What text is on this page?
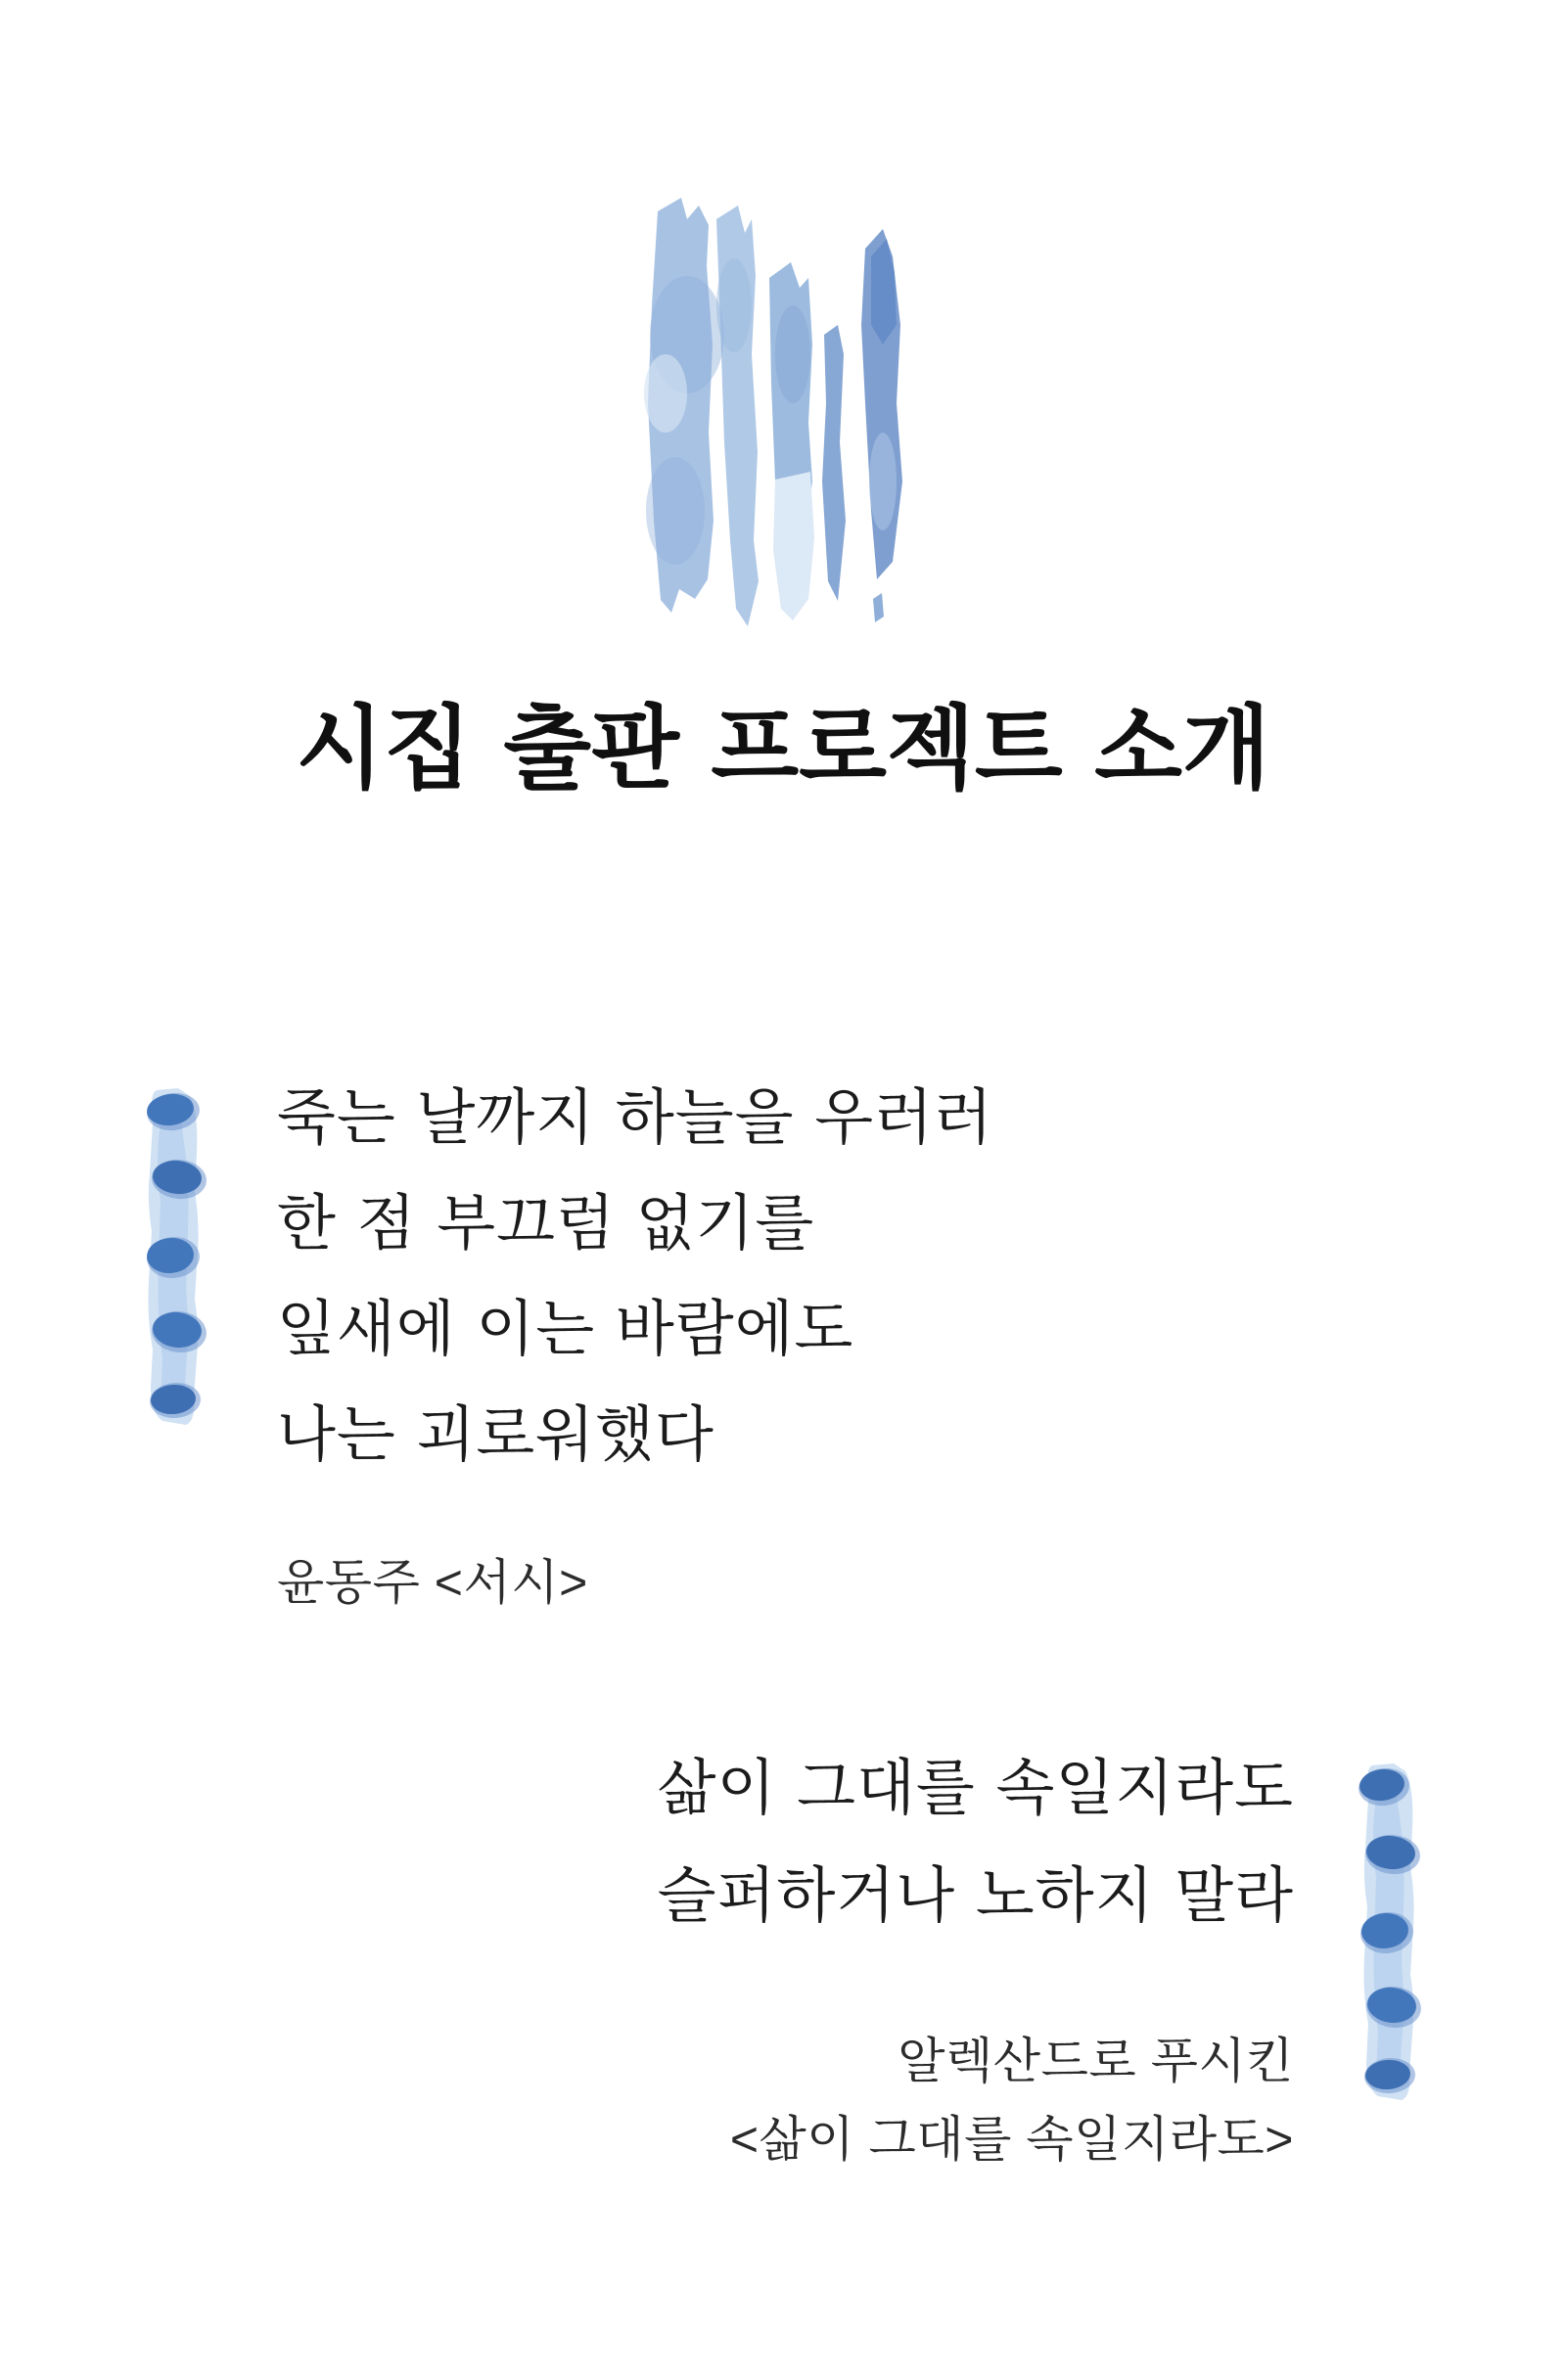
시집 출판 프로젝트 소개
죽는 날까지 하늘을 우러러
한 점 부끄럼 없기를
잎새에 이는 바람에도
나는 괴로워했다
윤동주 <서시>
삶이 그대를 속일지라도
슬퍼하거나 노하지 말라
알렉산드로 푸시킨
<삶이 그대를 속일지라도>
